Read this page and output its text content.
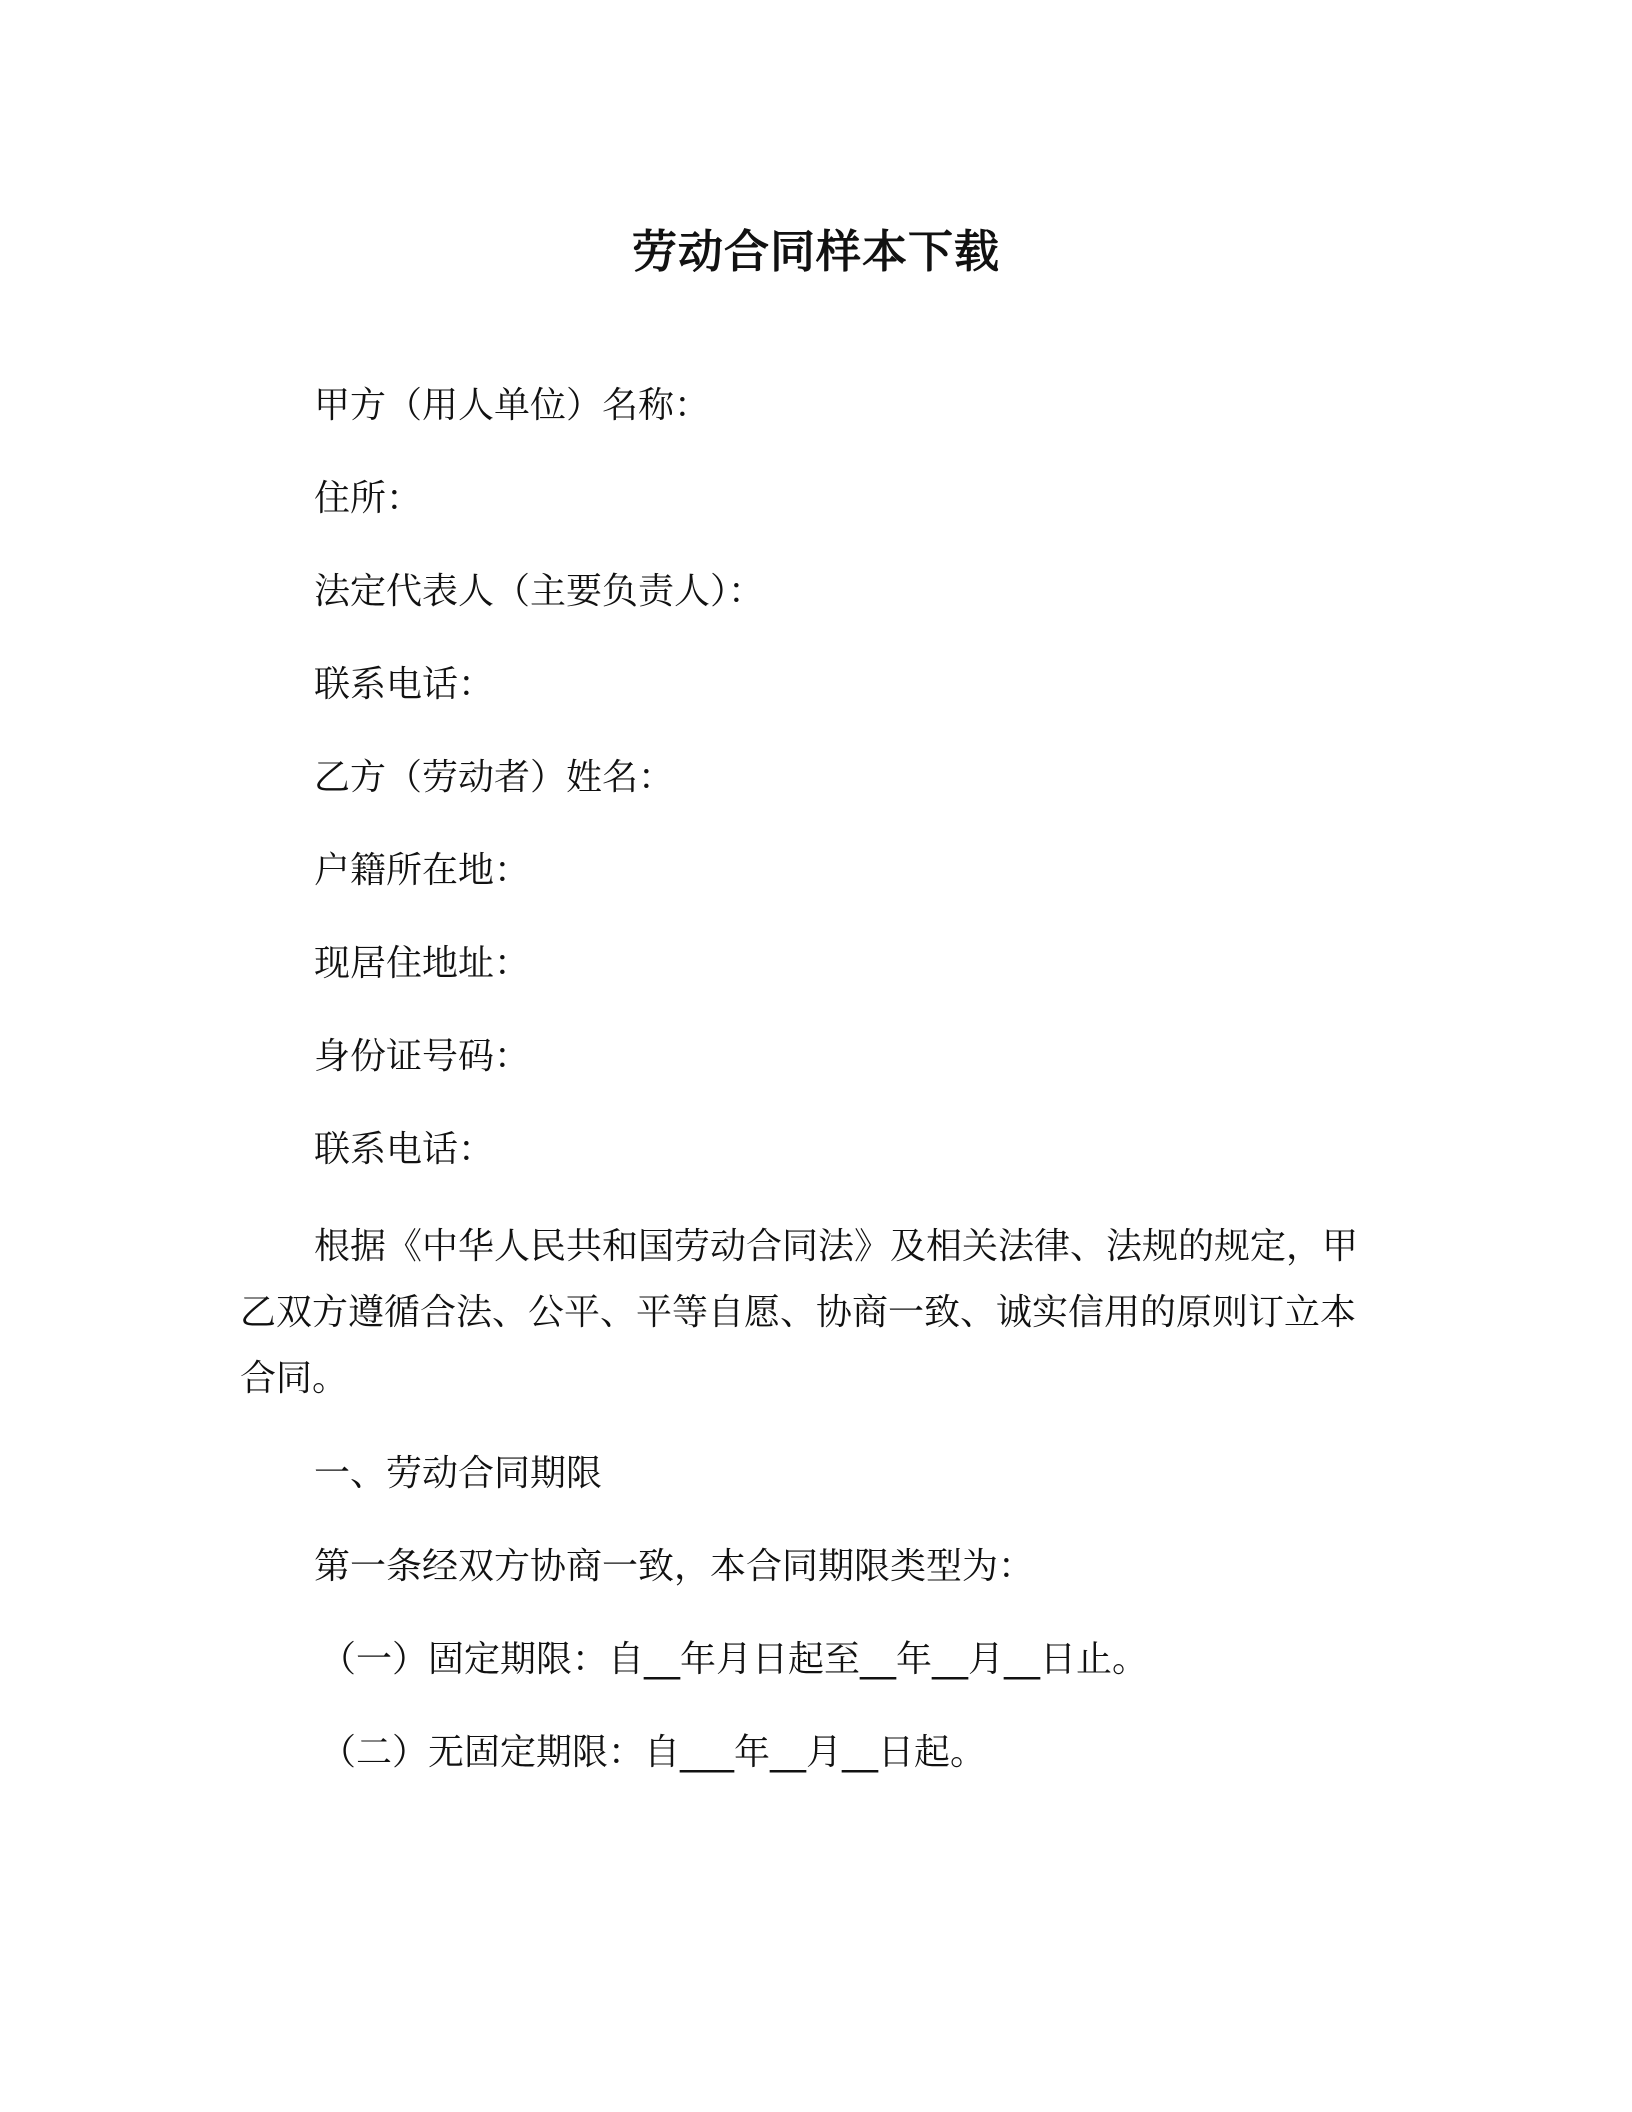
劳动合同样本下载
甲方（用人单位）名称：
住所：
法定代表人（主要负责人）：
联系电话：
乙方（劳动者）姓名：
户籍所在地：
现居住地址：
身份证号码：
联系电话：
根据《中华人民共和国劳动合同法》及相关法律、法规的规定，甲乙双方遵循合法、公平、平等自愿、协商一致、诚实信用的原则订立本合同。
一、劳动合同期限
第一条经双方协商一致，本合同期限类型为：
（一）固定期限：自__年月日起至__年__月__日止。
（二）无固定期限：自___年__月__日起。
